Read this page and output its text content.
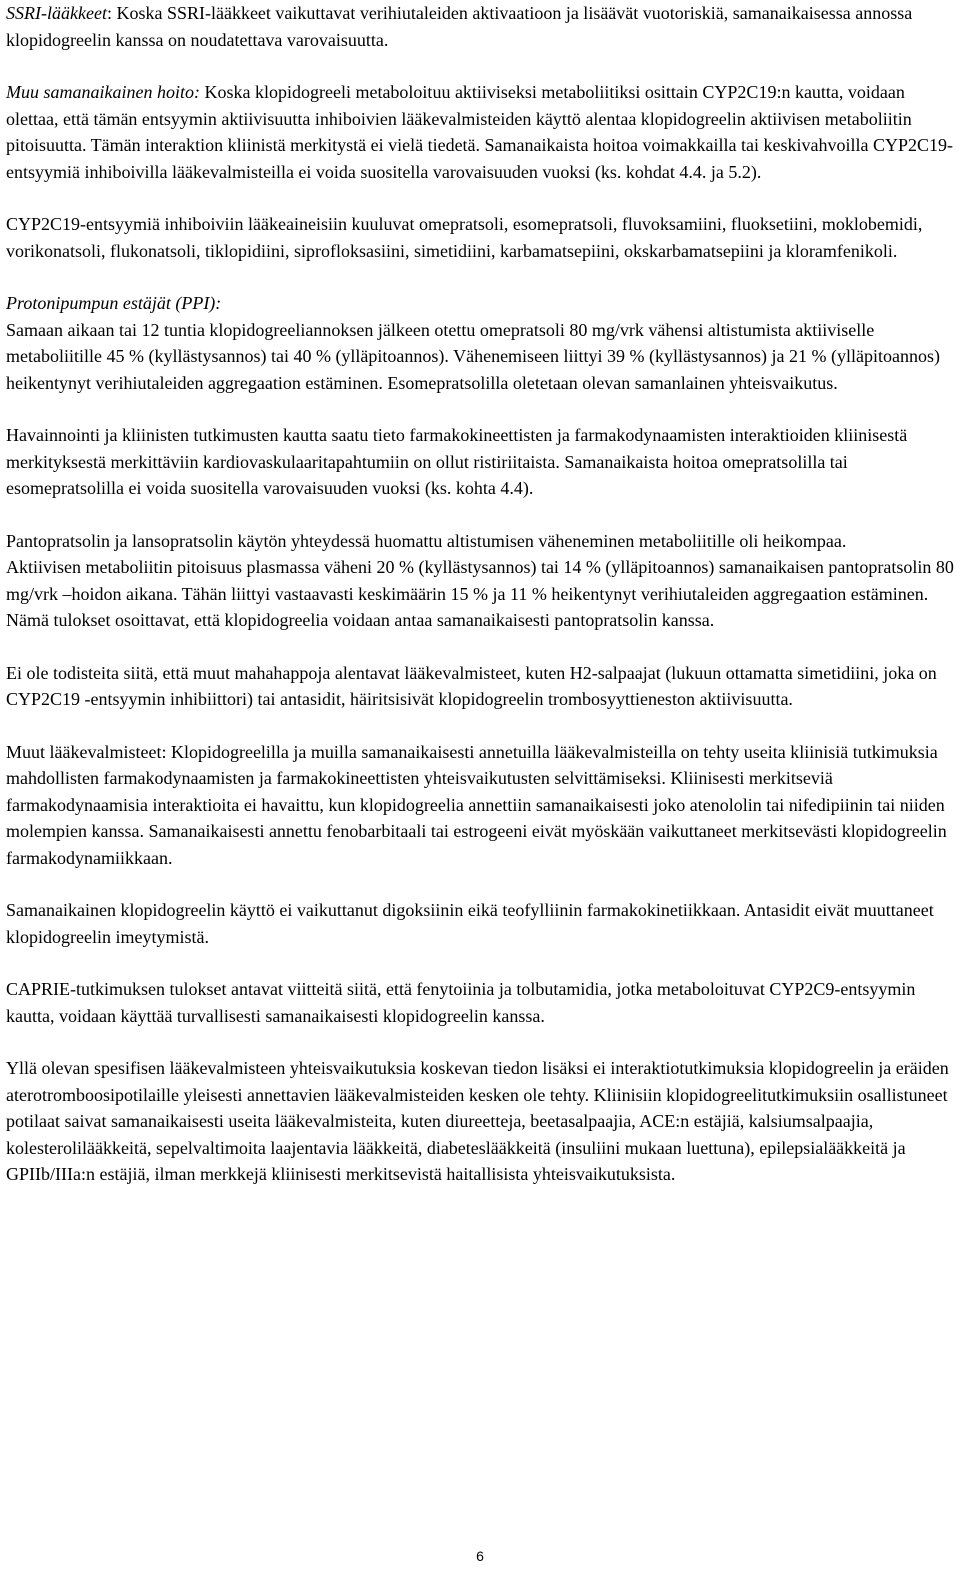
SSRI-lääkkeet: Koska SSRI-lääkkeet vaikuttavat verihiutaleiden aktivaatioon ja lisäävät vuotoriskiä, samanaikaisessa annossa klopidogreelin kanssa on noudatettava varovaisuutta.

Muu samanaikainen hoito: Koska klopidogreeli metaboloituu aktiiviseksi metaboliitiksi osittain CYP2C19:n kautta, voidaan olettaa, että tämän entsyymin aktiivisuutta inhiboivien lääkevalmisteiden käyttö alentaa klopidogreelin aktiivisen metaboliitin pitoisuutta. Tämän interaktion kliinistä merkitystä ei vielä tiedetä. Samanaikaista hoitoa voimakkailla tai keskivahvoilla CYP2C19-entsyymiä inhiboivilla lääkevalmisteilla ei voida suositella varovaisuuden vuoksi (ks. kohdat 4.4. ja 5.2).

CYP2C19-entsyymiä inhiboiviin lääkeaineisiin kuuluvat omepratsoli, esomepratsoli, fluvoksamiini, fluoksetiini, moklobemidi, vorikonatsoli, flukonatsoli, tiklopidiini, siprofloksasiini, simetidiini, karbamatsepiini, okskarbamatsepiini ja kloramfenikoli.

Protonipumpun estäjät (PPI):

Samaan aikaan tai 12 tuntia klopidogreeliannoksen jälkeen otettu omepratsoli 80 mg/vrk vähensi altistumista aktiiviselle metaboliitille 45 % (kyllästysannos) tai 40 % (ylläpitoannos). Vähenemiseen liittyi 39 % (kyllästysannos) ja 21 % (ylläpitoannos) heikentynyt verihiutaleiden aggregaation estäminen. Esomepratsolilla oletetaan olevan samanlainen yhteisvaikutus.

Havainnointi ja kliinisten tutkimusten kautta saatu tieto farmakokineettisten ja farmakodynaamisten interaktioiden kliinisestä merkityksestä merkittäviin kardiovaskulaaritapahtumiin on ollut ristiriitaista. Samanaikaista hoitoa omepratsolilla tai esomepratsolilla ei voida suositella varovaisuuden vuoksi (ks. kohta 4.4).

Pantopratsolin ja lansopratsolin käytön yhteydessä huomattu altistumisen väheneminen metaboliitille oli heikompaa.

Aktiivisen metaboliitin pitoisuus plasmassa väheni 20 % (kyllästysannos) tai 14 % (ylläpitoannos) samanaikaisen pantopratsolin 80 mg/vrk –hoidon aikana. Tähän liittyi vastaavasti keskimäärin 15 % ja 11 % heikentynyt verihiutaleiden aggregaation estäminen. Nämä tulokset osoittavat, että klopidogreelia voidaan antaa samanaikaisesti pantopratsolin kanssa.

Ei ole todisteita siitä, että muut mahahappoja alentavat lääkevalmisteet, kuten H2-salpaajat (lukuun ottamatta simetidiini, joka on CYP2C19 -entsyymin inhibiittori) tai antasidit, häiritsisivät klopidogreelin trombosyyttieneston aktiivisuutta.

Muut lääkevalmisteet: Klopidogreelilla ja muilla samanaikaisesti annetuilla lääkevalmisteilla on tehty useita kliinisiä tutkimuksia mahdollisten farmakodynaamisten ja farmakokineettisten yhteisvaikutusten selvittämiseksi. Kliinisesti merkitseviä farmakodynaamisia interaktioita ei havaittu, kun klopidogreelia annettiin samanaikaisesti joko atenololin tai nifedipiinin tai niiden molempien kanssa. Samanaikaisesti annettu fenobarbitaali tai estrogeeni eivät myöskään vaikuttaneet merkitsevästi klopidogreelin farmakodynamiikkaan.

Samanaikainen klopidogreelin käyttö ei vaikuttanut digoksiinin eikä teofylliinin farmakokinetiikkaan. Antasidit eivät muuttaneet klopidogreelin imeytymistä.

CAPRIE-tutkimuksen tulokset antavat viitteitä siitä, että fenytoiinia ja tolbutamidia, jotka metaboloituvat CYP2C9-entsyymin kautta, voidaan käyttää turvallisesti samanaikaisesti klopidogreelin kanssa.

Yllä olevan spesifisen lääkevalmisteen yhteisvaikutuksia koskevan tiedon lisäksi ei interaktiotutkimuksia klopidogreelin ja eräiden aterotromboosipotilaille yleisesti annettavien lääkevalmisteiden kesken ole tehty. Kliinisiin klopidogreelitutkimuksiin osallistuneet potilaat saivat samanaikaisesti useita lääkevalmisteita, kuten diureetteja, beetasalpaajia, ACE:n estäjiä, kalsiumsalpaajia, kolesterolilääkkeitä, sepelvaltimoita laajentavia lääkkeitä, diabeteslääkkeitä (insuliini mukaan luettuna), epilepsialääkkeitä ja GPIIb/IIIa:n estäjiä, ilman merkkejä kliinisesti merkitsevistä haitallisista yhteisvaikutuksista.

6
